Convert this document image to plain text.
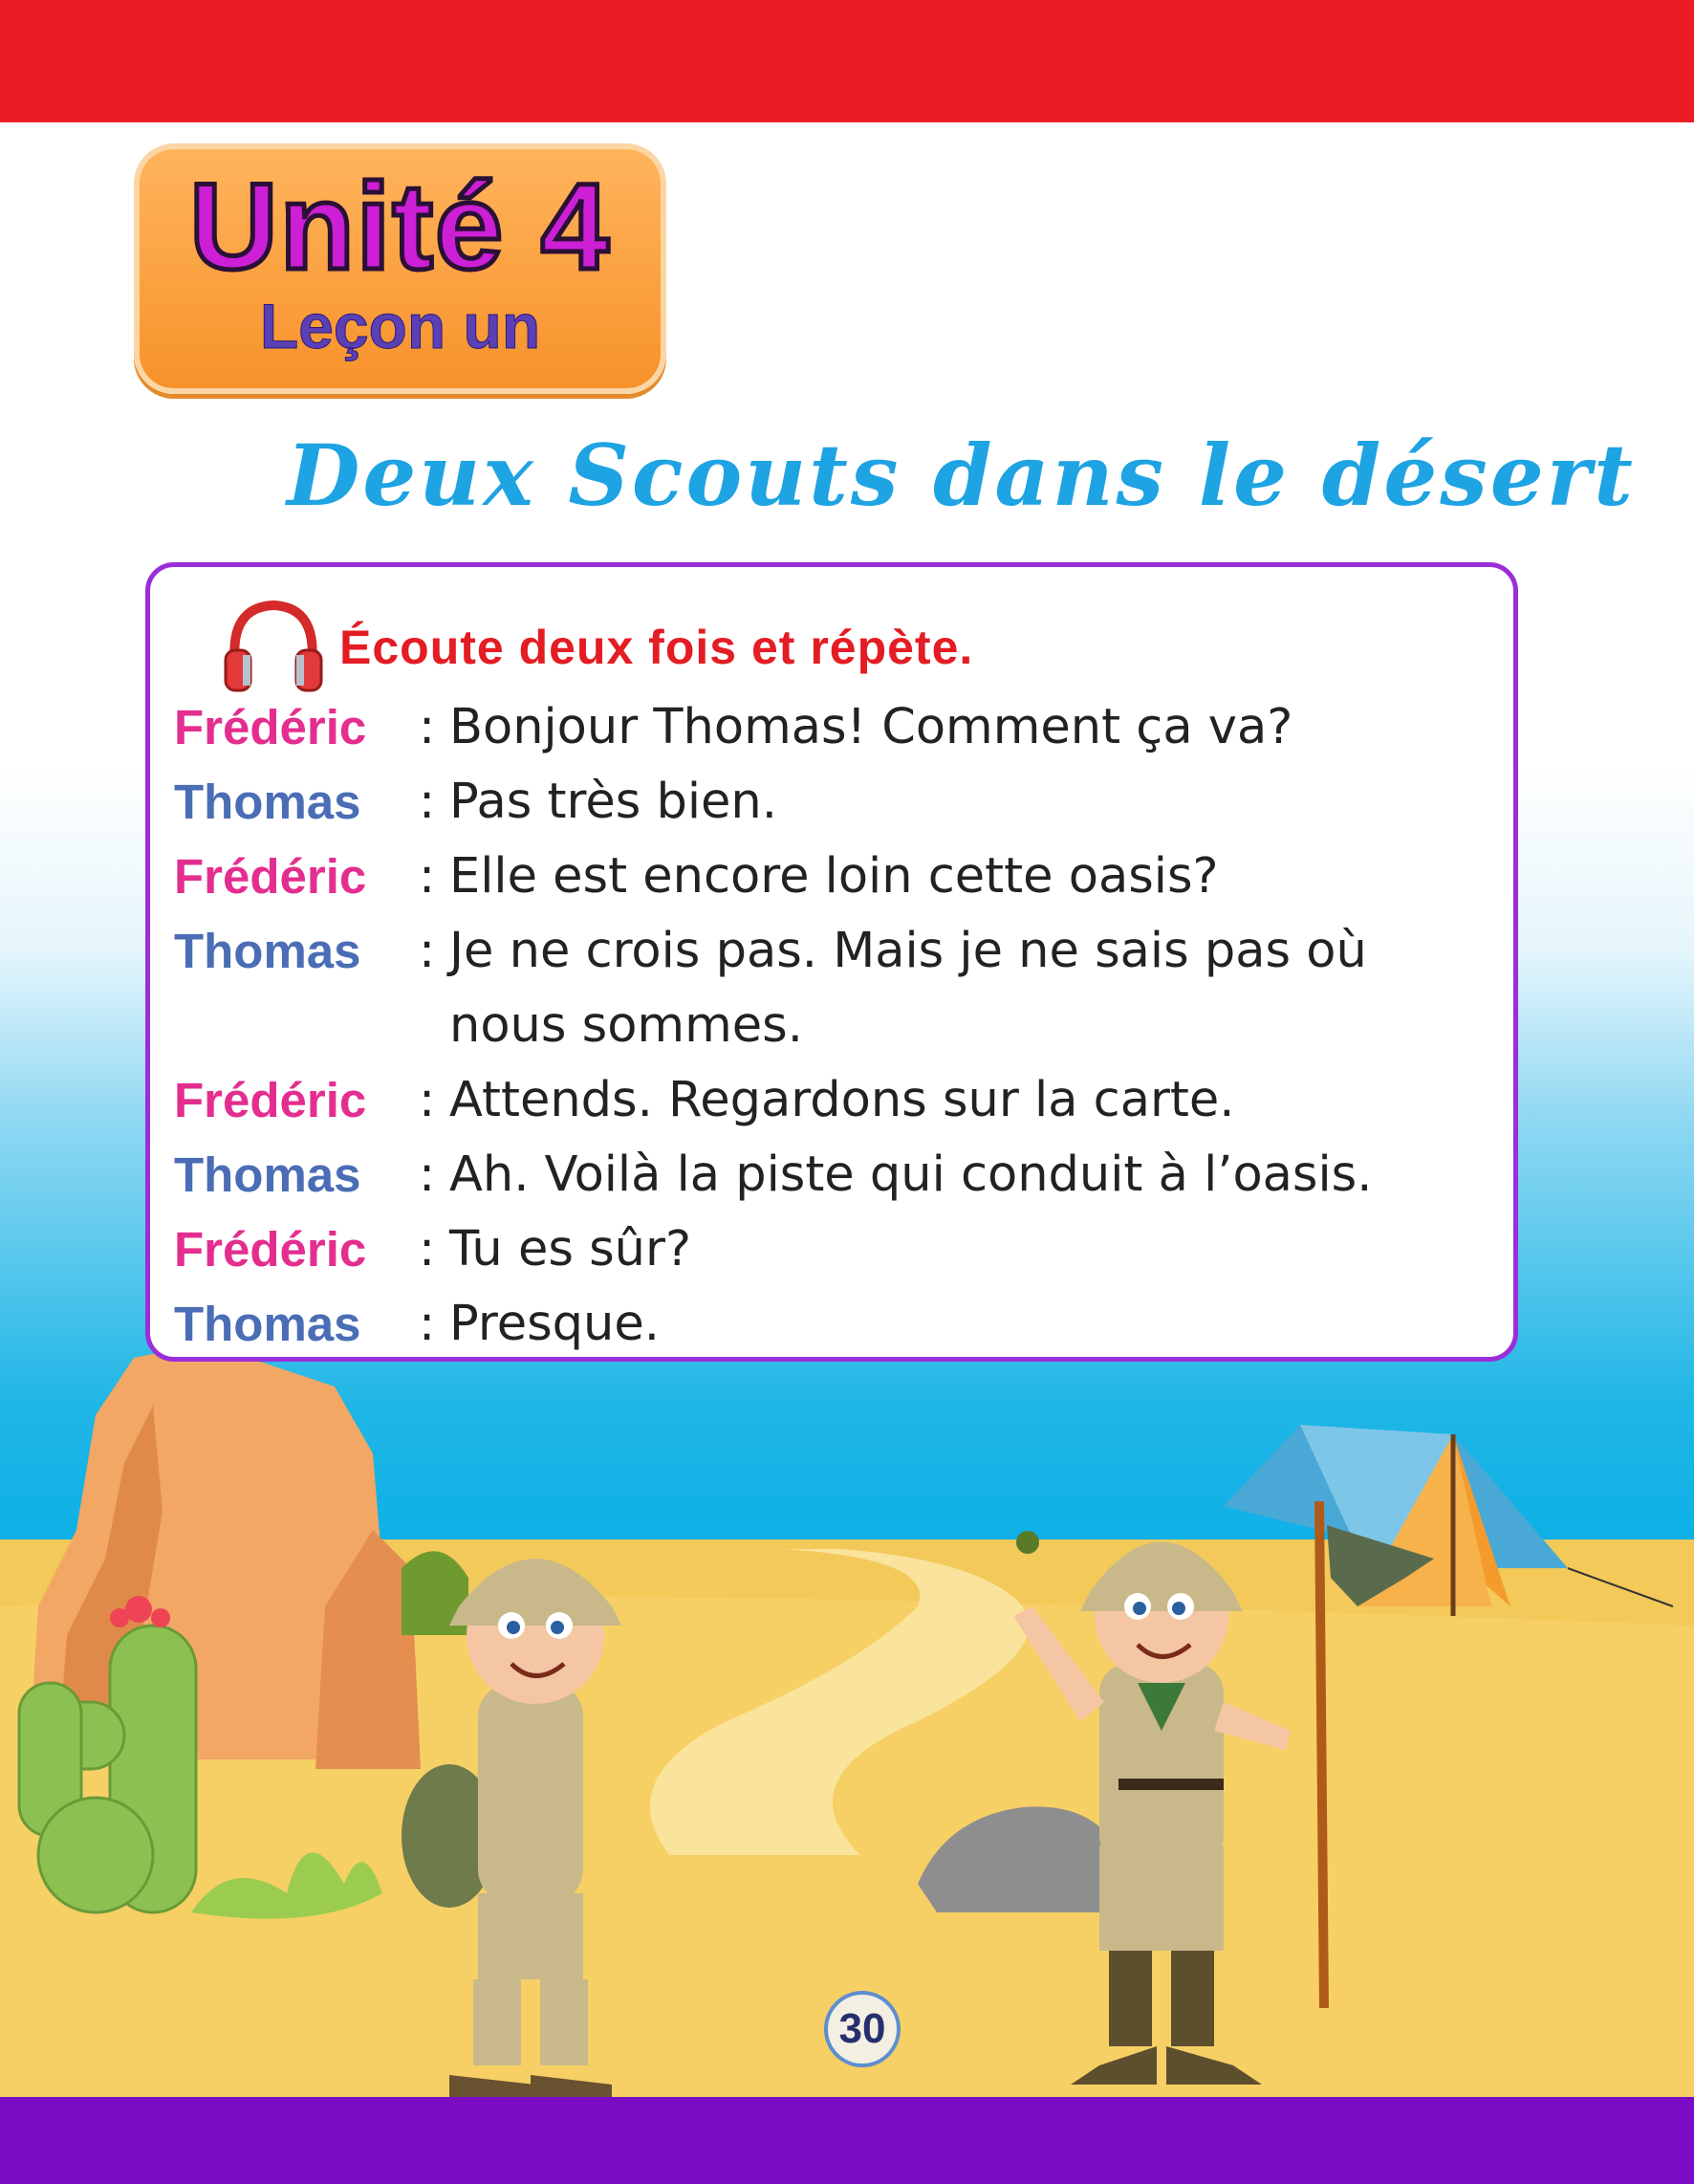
Unité 4
Leçon un
Deux Scouts dans le désert
Écoute deux fois et répète.
Frédéric : Bonjour Thomas! Comment ça va?
Thomas : Pas très bien.
Frédéric : Elle est encore loin cette oasis?
Thomas : Je ne crois pas. Mais je ne sais pas où
nous sommes.
Frédéric : Attends. Regardons sur la carte.
Thomas : Ah. Voilà la piste qui conduit à l’oasis.
Frédéric : Tu es sûr?
Thomas : Presque.
30
